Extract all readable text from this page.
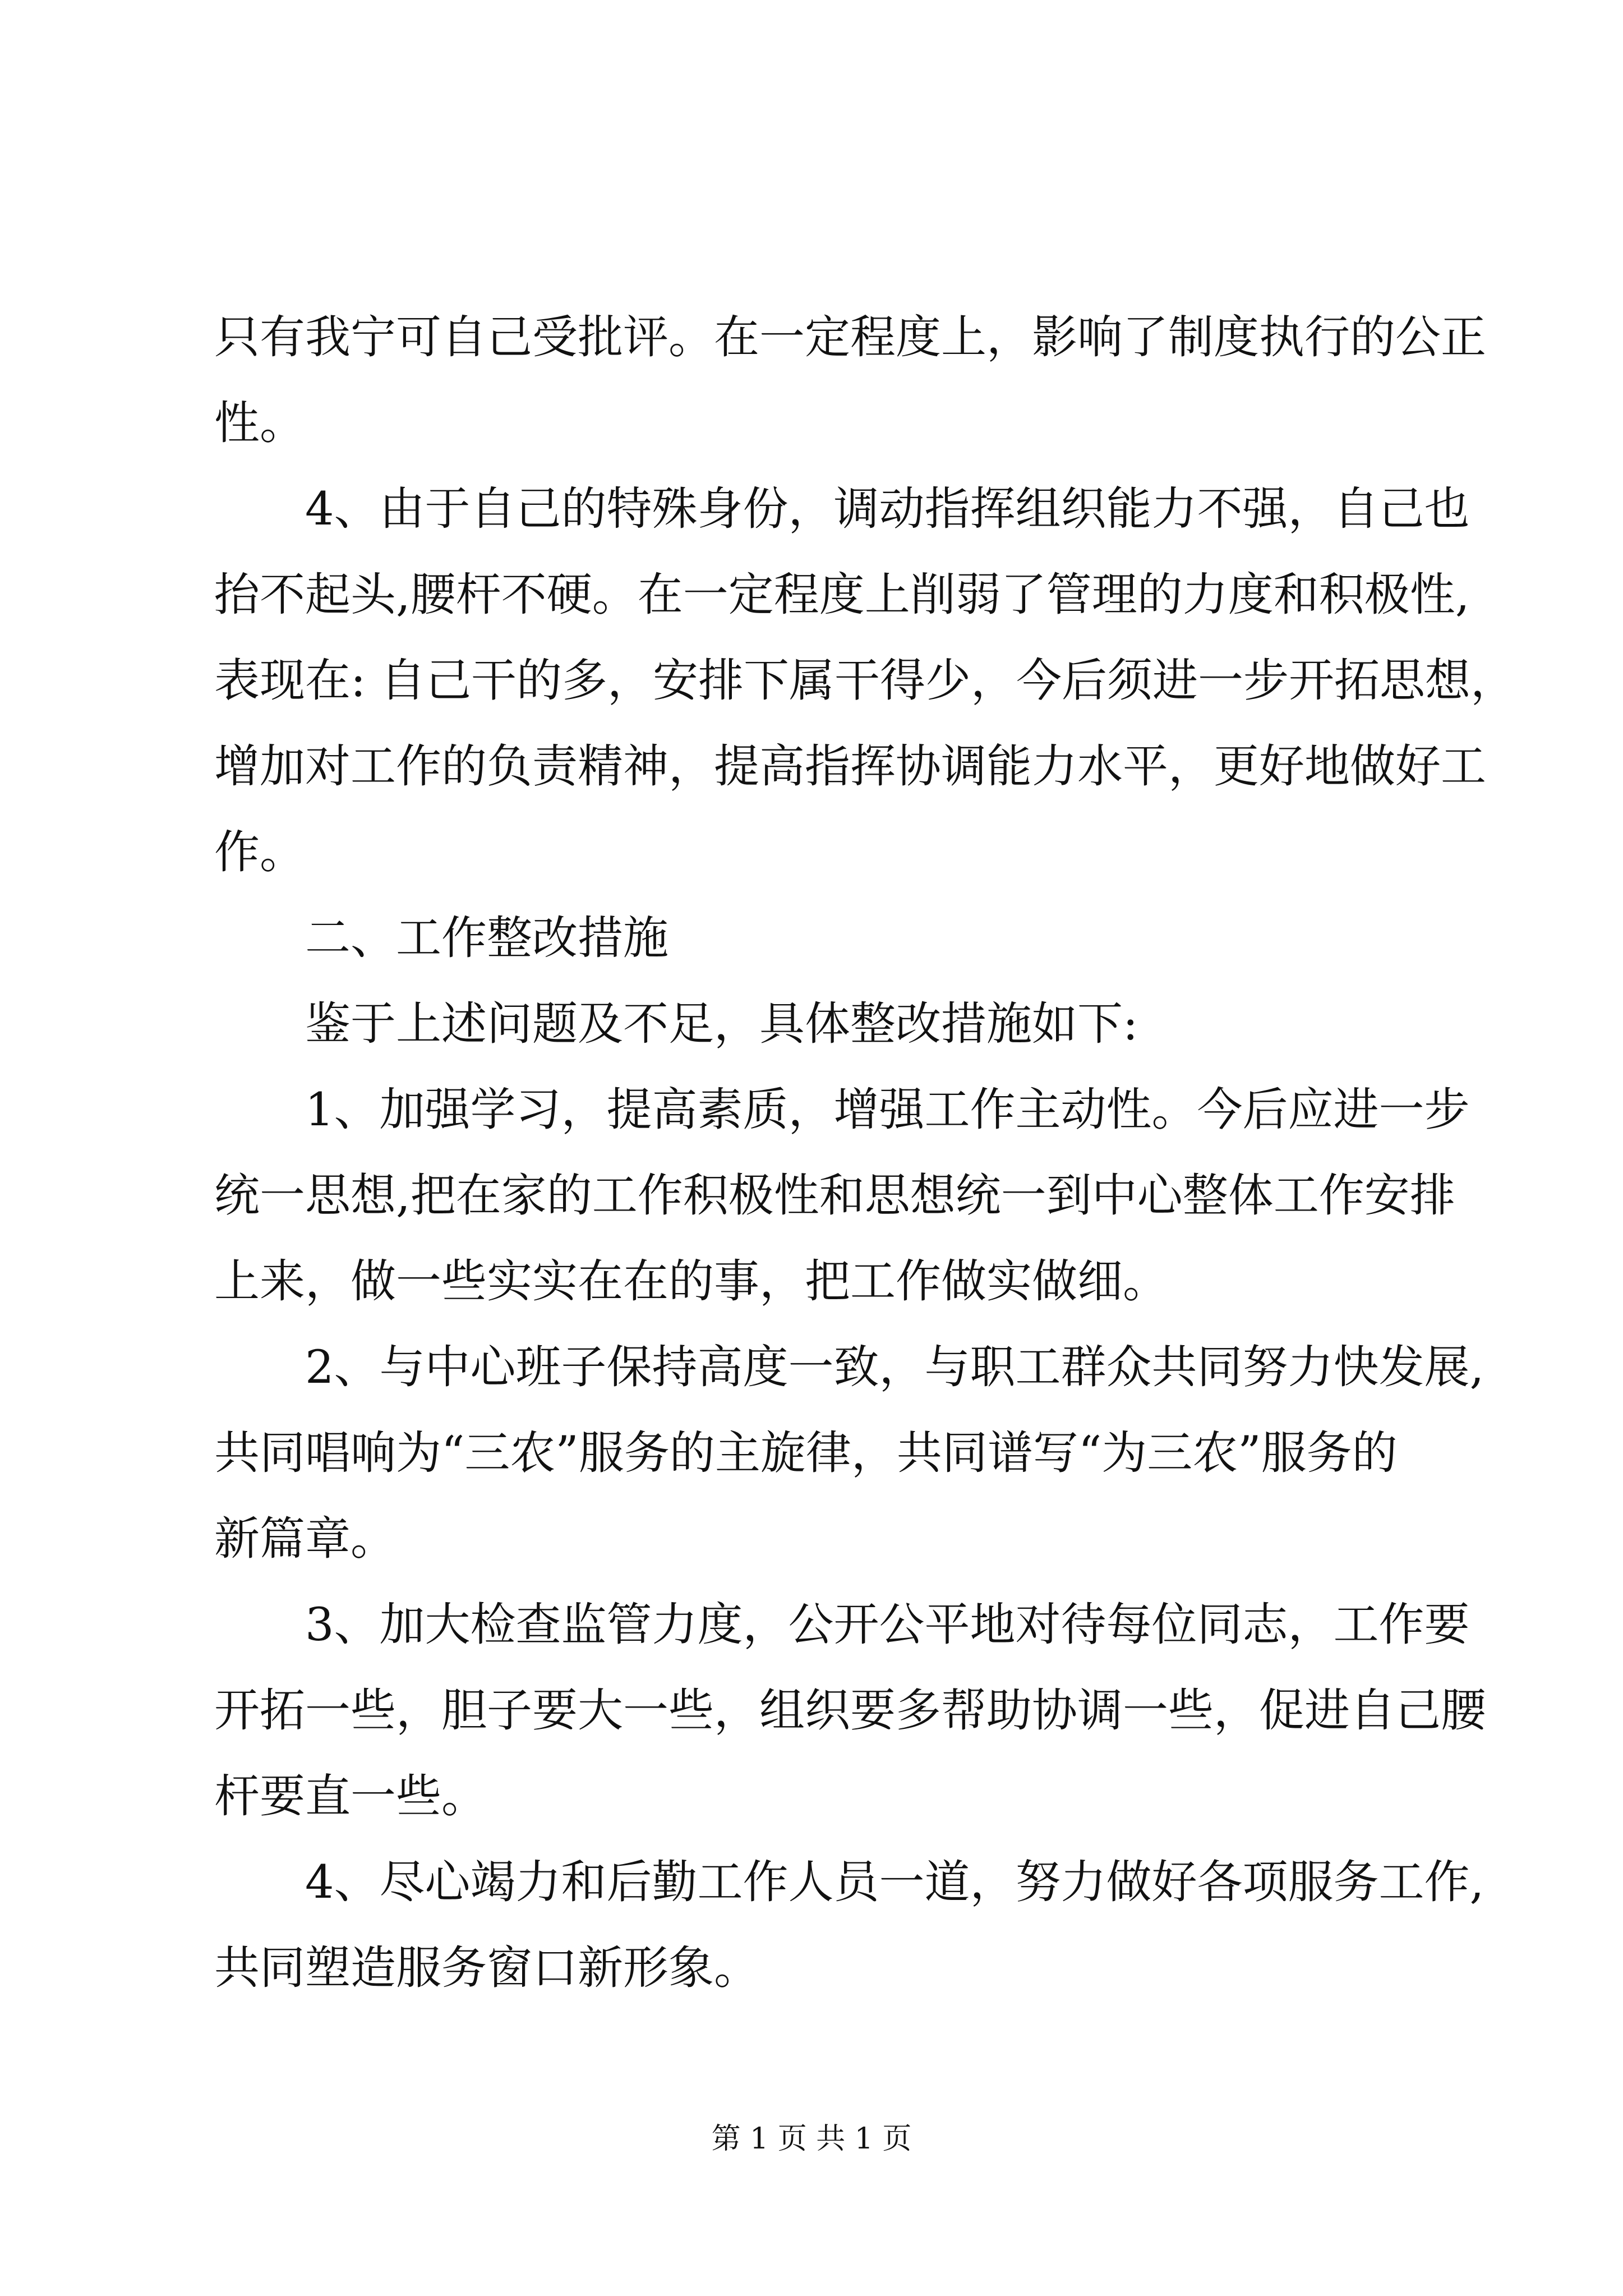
只有我宁可自己受批评。在一定程度上，影响了制度执行的公正
性。
4、由于自己的特殊身份，调动指挥组织能力不强，自己也
抬不起头,腰杆不硬。在一定程度上削弱了管理的力度和积极性,
表现在: 自己干的多，安排下属干得少，今后须进一步开拓思想，
增加对工作的负责精神，提高指挥协调能力水平，更好地做好工
作。
二、工作整改措施
鉴于上述问题及不足，具体整改措施如下:
1、加强学习，提高素质，增强工作主动性。今后应进一步
统一思想,把在家的工作积极性和思想统一到中心整体工作安排
上来，做一些实实在在的事，把工作做实做细。
2、与中心班子保持高度一致，与职工群众共同努力快发展,
共同唱响为“三农”服务的主旋律，共同谱写“为三农”服务的
新篇章。
3、加大检查监管力度，公开公平地对待每位同志，工作要
开拓一些，胆子要大一些，组织要多帮助协调一些，促进自己腰
杆要直一些。
4、尽心竭力和后勤工作人员一道，努力做好各项服务工作,
共同塑造服务窗口新形象。
第 1 页 共 1 页
